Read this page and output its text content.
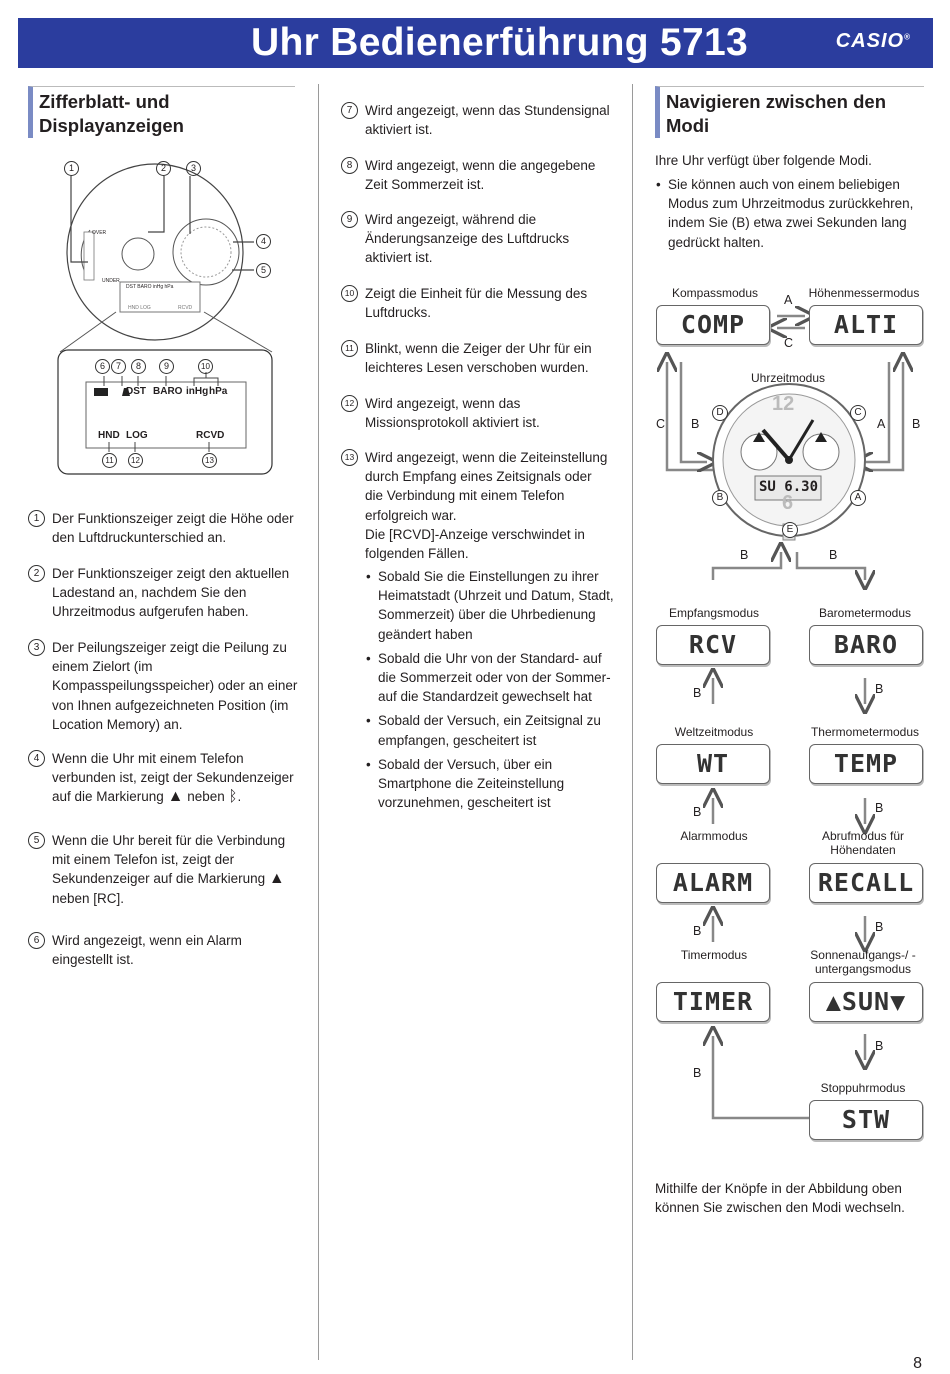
Uhr Bedienerführung 5713	CASIO®
Zifferblatt- und Displayanzeigen
1	2	3
4
5
OVER
UNDER
DST BARO inHg hPa
HND LOG	RCVD
6	7	8	9	10
DST BARO inHg hPa
HND LOG	RCVD
11	12	13
1 Der Funktionszeiger zeigt die Höhe oder den Luftdruckunterschied an.
2 Der Funktionszeiger zeigt den aktuellen Ladestand an, nachdem Sie den Uhrzeitmodus aufgerufen haben.
3 Der Peilungszeiger zeigt die Peilung zu einem Zielort (im Kompasspeilungsspeicher) oder an einer von Ihnen aufgezeichneten Position (im Location Memory) an.
4 Wenn die Uhr mit einem Telefon verbunden ist, zeigt der Sekundenzeiger auf die Markierung ▲ neben ᛒ.
5 Wenn die Uhr bereit für die Verbindung mit einem Telefon ist, zeigt der Sekundenzeiger auf die Markierung ▲ neben [RC].
6 Wird angezeigt, wenn ein Alarm eingestellt ist.
7 Wird angezeigt, wenn das Stundensignal aktiviert ist.
8 Wird angezeigt, wenn die angegebene Zeit Sommerzeit ist.
9 Wird angezeigt, während die Änderungsanzeige des Luftdrucks aktiviert ist.
10 Zeigt die Einheit für die Messung des Luftdrucks.
11 Blinkt, wenn die Zeiger der Uhr für ein leichteres Lesen verschoben wurden.
12 Wird angezeigt, wenn das Missionsprotokoll aktiviert ist.
13 Wird angezeigt, wenn die Zeiteinstellung durch Empfang eines Zeitsignals oder die Verbindung mit einem Telefon erfolgreich war.
Die [RCVD]-Anzeige verschwindet in folgenden Fällen.
• Sobald Sie die Einstellungen zu ihrer Heimatstadt (Uhrzeit und Datum, Stadt, Sommerzeit) über die Uhrbedienung geändert haben
• Sobald die Uhr von der Standard- auf die Sommerzeit oder von der Sommer- auf die Standardzeit gewechselt hat
• Sobald der Versuch, ein Zeitsignal zu empfangen, gescheitert ist
• Sobald der Versuch, über ein Smartphone die Zeiteinstellung vorzunehmen, gescheitert ist
Navigieren zwischen den Modi
Ihre Uhr verfügt über folgende Modi.
• Sie können auch von einem beliebigen Modus zum Uhrzeitmodus zurückkehren, indem Sie (B) etwa zwei Sekunden lang gedrückt halten.
Kompassmodus	Höhenmessermodus
COMP	ALTI
A
C
Uhrzeitmodus
12
6
SU 6.30
C B	A B
D	C
B	A
E
B	B
Empfangsmodus	Barometermodus
RCV	BARO
B	B
Weltzeitmodus	Thermometermodus
WT	TEMP
B	B
Alarmmodus	Abrufmodus für Höhendaten
ALARM	RECALL
B	B
Timermodus	Sonnenaufgangs-/ -untergangsmodus
TIMER	▲SUN▼
B
B
Stoppuhrmodus
STW
Mithilfe der Knöpfe in der Abbildung oben können Sie zwischen den Modi wechseln.
8
